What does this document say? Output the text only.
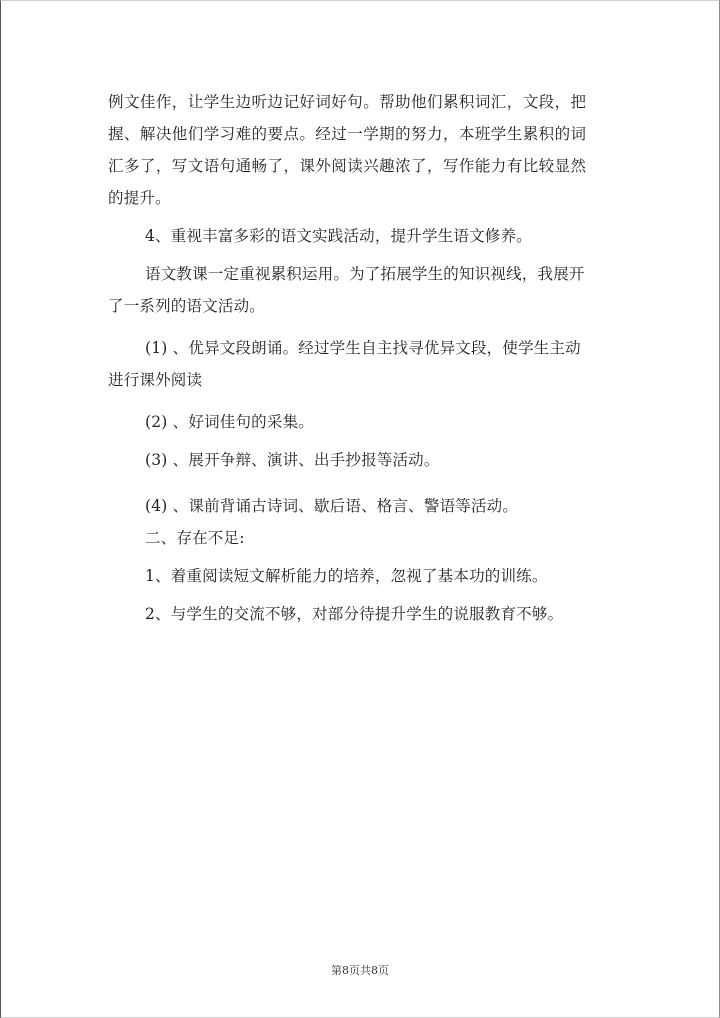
例文佳作，让学生边听边记好词好句。帮助他们累积词汇，文段，把
握、解决他们学习难的要点。经过一学期的努力，本班学生累积的词
汇多了，写文语句通畅了，课外阅读兴趣浓了，写作能力有比较显然
的提升。
4、重视丰富多彩的语文实践活动，提升学生语文修养。
语文教课一定重视累积运用。为了拓展学生的知识视线，我展开
了一系列的语文活动。
(1) 、优异文段朗诵。经过学生自主找寻优异文段，使学生主动
进行课外阅读
(2) 、好词佳句的采集。
(3) 、展开争辩、演讲、出手抄报等活动。
(4) 、课前背诵古诗词、歇后语、格言、警语等活动。
二、存在不足:
1、着重阅读短文解析能力的培养，忽视了基本功的训练。
2、与学生的交流不够，对部分待提升学生的说服教育不够。
第8页共8页
